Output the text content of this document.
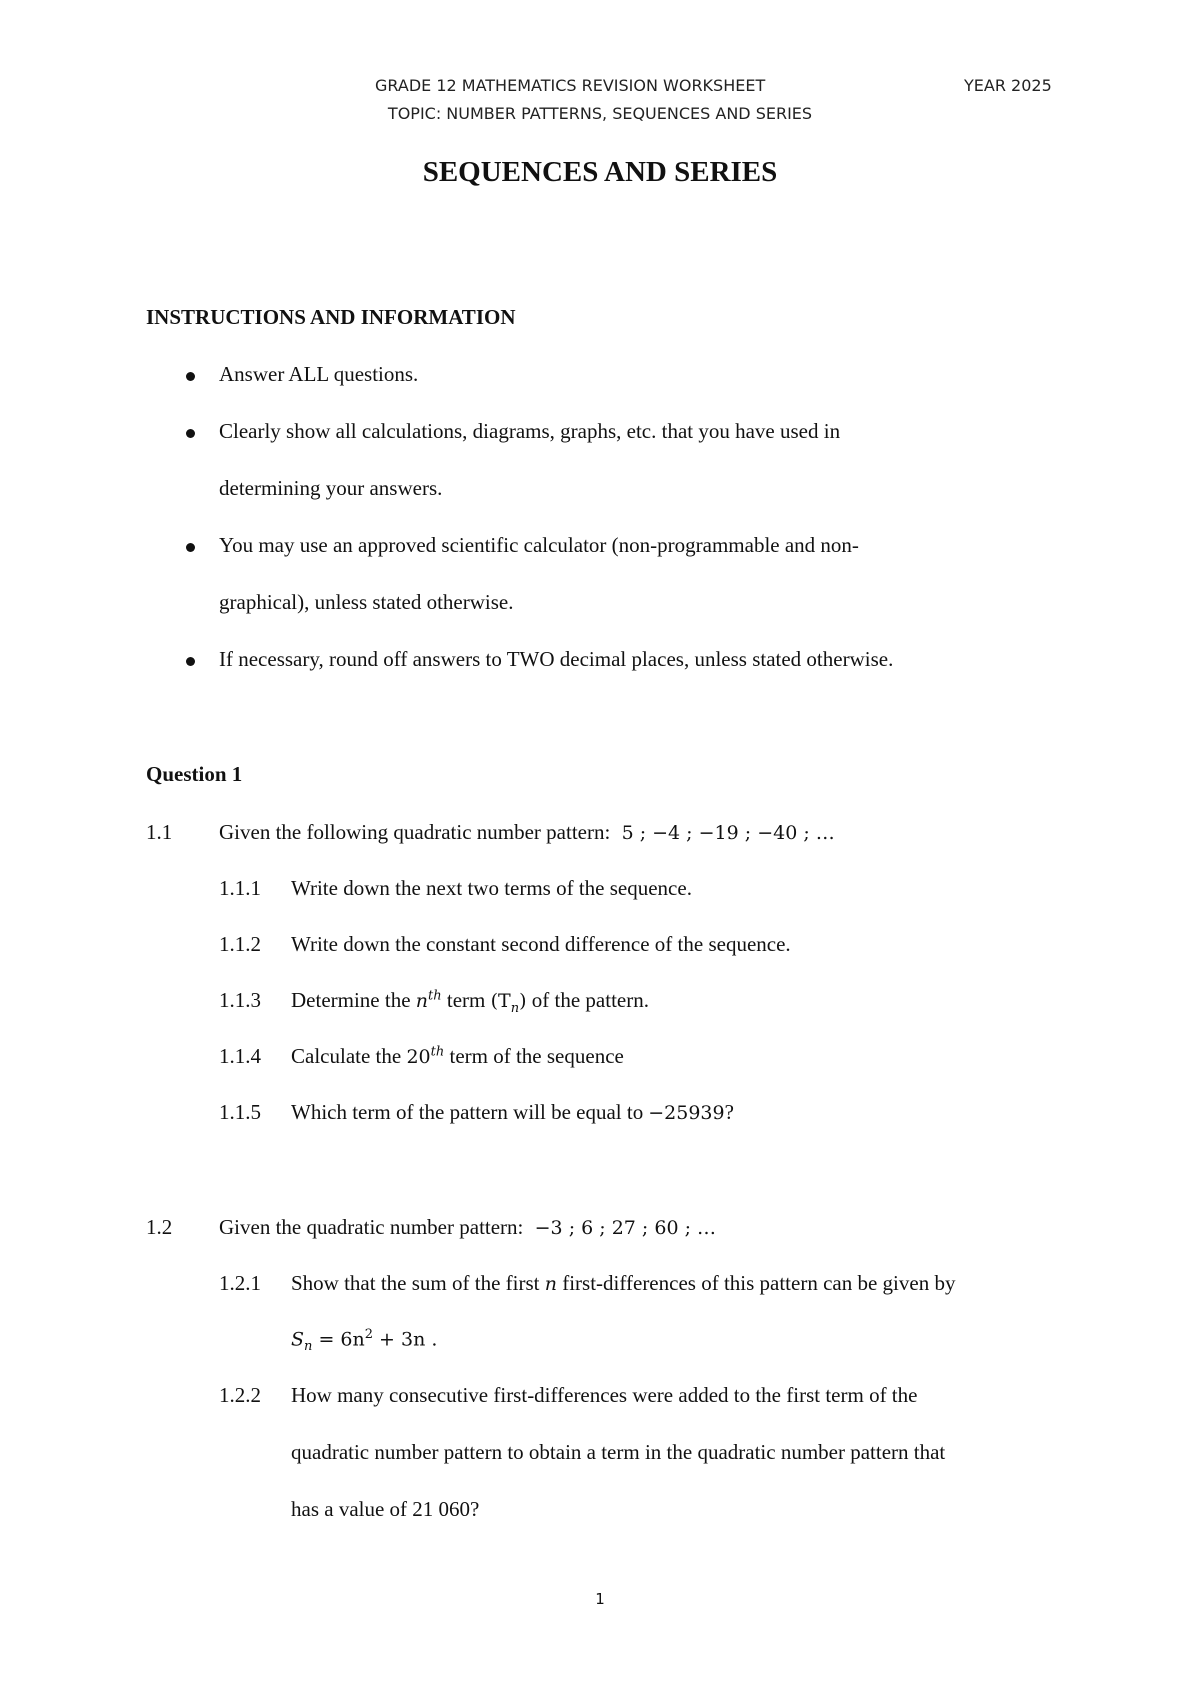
GRADE 12 MATHEMATICS REVISION WORKSHEET	YEAR 2025
TOPIC: NUMBER PATTERNS, SEQUENCES AND SERIES
SEQUENCES AND SERIES
INSTRUCTIONS AND INFORMATION
Answer ALL questions.
Clearly show all calculations, diagrams, graphs, etc. that you have used in
determining your answers.
You may use an approved scientific calculator (non-programmable and non-
graphical), unless stated otherwise.
If necessary, round off answers to TWO decimal places, unless stated otherwise.
Question 1
1.1 Given the following quadratic number pattern: 5 ; −4 ; −19 ; −40 ; …
1.1.1 Write down the next two terms of the sequence.
1.1.2 Write down the constant second difference of the sequence.
1.1.3 Determine the $n^{th}$ term $(T_n)$ of the pattern.
1.1.4 Calculate the 20th term of the sequence
1.1.5 Which term of the pattern will be equal to −25939?
1.2 Given the quadratic number pattern: −3 ; 6 ; 27 ; 60 ; …
1.2.1 Show that the sum of the first n first-differences of this pattern can be given by
$S_n = 6n^2 + 3n$ .
1.2.2 How many consecutive first-differences were added to the first term of the
quadratic number pattern to obtain a term in the quadratic number pattern that
has a value of 21 060?
1
